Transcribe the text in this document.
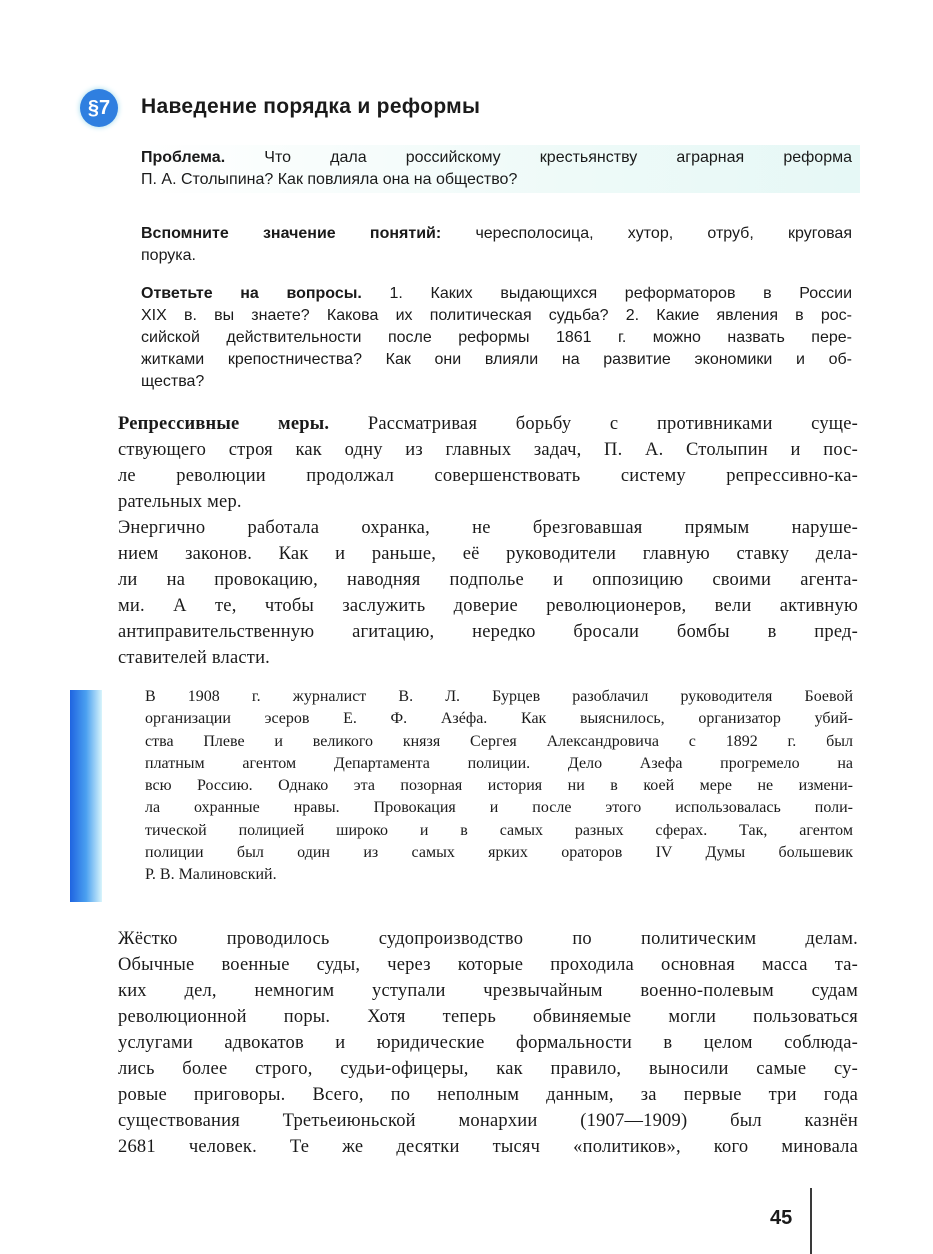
§7	Наведение порядка и реформы
Проблема. Что дала российскому крестьянству аграрная реформа
П. А. Столыпина? Как повлияла она на общество?
Вспомните значение понятий: чересполосица, хутор, отруб, круговая
порука.
Ответьте на вопросы. 1. Каких выдающихся реформаторов в России
XIX в. вы знаете? Какова их политическая судьба? 2. Какие явления в рос-
сийской действительности после реформы 1861 г. можно назвать пере-
житками крепостничества? Как они влияли на развитие экономики и об-
щества?
Репрессивные меры. Рассматривая борьбу с противниками суще-
ствующего строя как одну из главных задач, П. А. Столыпин и пос-
ле революции продолжал совершенствовать систему репрессивно-ка-
рательных мер.
Энергично работала охранка, не брезговавшая прямым наруше-
нием законов. Как и раньше, её руководители главную ставку дела-
ли на провокацию, наводняя подполье и оппозицию своими агента-
ми. А те, чтобы заслужить доверие революционеров, вели активную
антиправительственную агитацию, нередко бросали бомбы в пред-
ставителей власти.
В 1908 г. журналист В. Л. Бурцев разоблачил руководителя Боевой
организации эсеров Е. Ф. Азéфа. Как выяснилось, организатор убий-
ства Плеве и великого князя Сергея Александровича с 1892 г. был
платным агентом Департамента полиции. Дело Азефа прогремело на
всю Россию. Однако эта позорная история ни в коей мере не измени-
ла охранные нравы. Провокация и после этого использовалась поли-
тической полицией широко и в самых разных сферах. Так, агентом
полиции был один из самых ярких ораторов IV Думы большевик
Р. В. Малиновский.
Жёстко проводилось судопроизводство по политическим делам.
Обычные военные суды, через которые проходила основная масса та-
ких дел, немногим уступали чрезвычайным военно-полевым судам
революционной поры. Хотя теперь обвиняемые могли пользоваться
услугами адвокатов и юридические формальности в целом соблюда-
лись более строго, судьи-офицеры, как правило, выносили самые су-
ровые приговоры. Всего, по неполным данным, за первые три года
существования Третьеиюньской монархии (1907—1909) был казнён
2681 человек. Те же десятки тысяч «политиков», кого миновала
45
